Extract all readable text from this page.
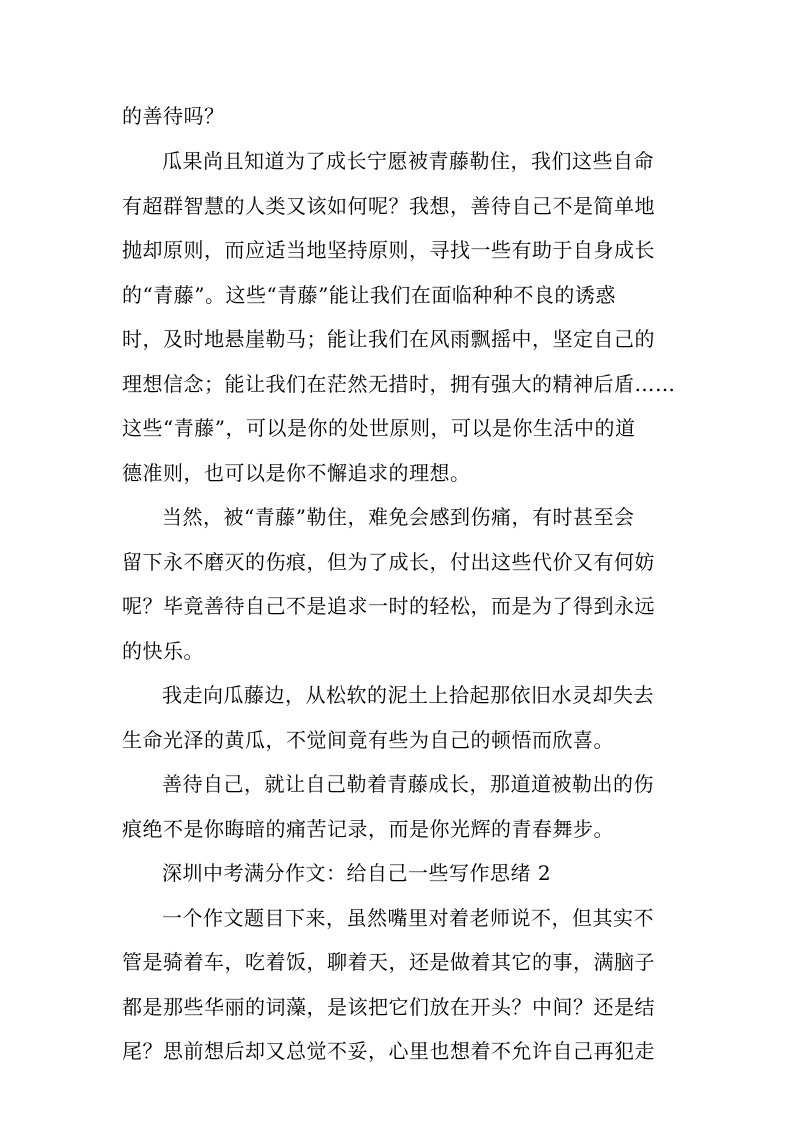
的善待吗？
瓜果尚且知道为了成长宁愿被青藤勒住，我们这些自命
有超群智慧的人类又该如何呢？我想，善待自己不是简单地
抛却原则，而应适当地坚持原则，寻找一些有助于自身成长
的“青藤”。这些“青藤”能让我们在面临种种不良的诱惑
时，及时地悬崖勒马；能让我们在风雨飘摇中，坚定自己的
理想信念；能让我们在茫然无措时，拥有强大的精神后盾……
这些“青藤”，可以是你的处世原则，可以是你生活中的道
德准则，也可以是你不懈追求的理想。
当然，被“青藤”勒住，难免会感到伤痛，有时甚至会
留下永不磨灭的伤痕，但为了成长，付出这些代价又有何妨
呢？毕竟善待自己不是追求一时的轻松，而是为了得到永远
的快乐。
我走向瓜藤边，从松软的泥土上拾起那依旧水灵却失去
生命光泽的黄瓜，不觉间竟有些为自己的顿悟而欣喜。
善待自己，就让自己勒着青藤成长，那道道被勒出的伤
痕绝不是你晦暗的痛苦记录，而是你光辉的青春舞步。
深圳中考满分作文：给自己一些写作思绪 2
一个作文题目下来，虽然嘴里对着老师说不，但其实不
管是骑着车，吃着饭，聊着天，还是做着其它的事，满脑子
都是那些华丽的词藻，是该把它们放在开头？中间？还是结
尾？思前想后却又总觉不妥，心里也想着不允许自己再犯走
